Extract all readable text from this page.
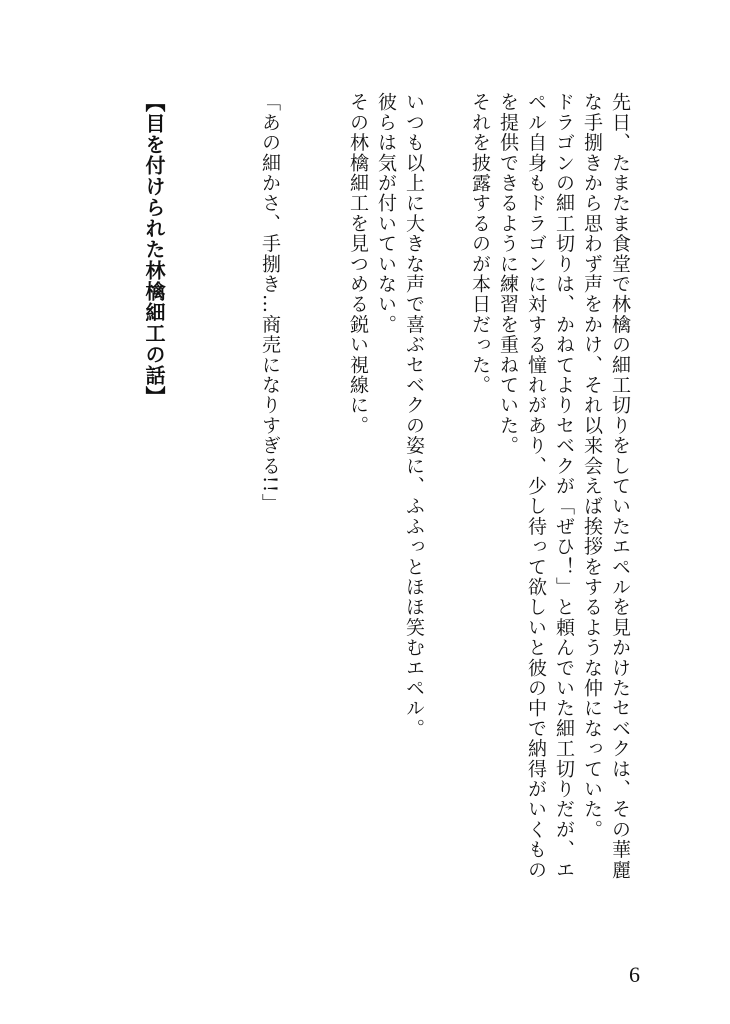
先日、たまたま食堂で林檎の細工切りをしていたエペルを見かけたセベクは、その華麗
な手捌きから思わず声をかけ、それ以来会えば挨拶をするような仲になっていた。
ドラゴンの細工切りは、かねてよりセベクが「ぜひ！」と頼んでいた細工切りだが、エ
ペル自身もドラゴンに対する憧れがあり、少し待って欲しいと彼の中で納得がいくもの
を提供できるように練習を重ねていた。
それを披露するのが本日だった。
いつも以上に大きな声で喜ぶセベクの姿に、ふふっとほほ笑むエペル。
彼らは気が付いていない。
その林檎細工を見つめる鋭い視線に。
「あの細かさ、手捌き…商売になりすぎる!!」
【目を付けられた林檎細工の話】
6
